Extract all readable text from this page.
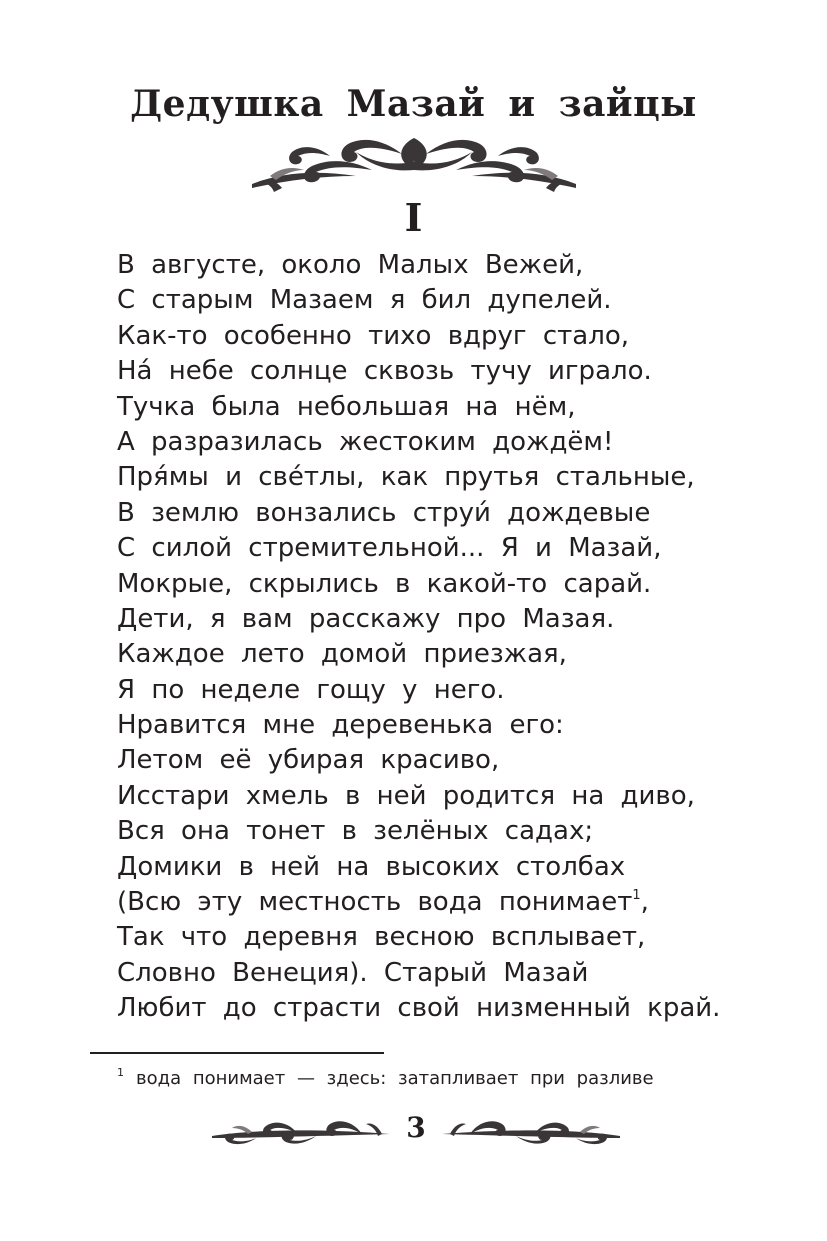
Дедушка Мазай и зайцы
I
В августе, около Малых Вежей,
С старым Мазаем я бил дупелей.
Как-то особенно тихо вдруг стало,
На́ небе солнце сквозь тучу играло.
Тучка была небольшая на нём,
А разразилась жестоким дождём!
Пря́мы и све́тлы, как прутья стальные,
В землю вонзались струи́ дождевые
С силой стремительной... Я и Мазай,
Мокрые, скрылись в какой-то сарай.
Дети, я вам расскажу про Мазая.
Каждое лето домой приезжая,
Я по неделе гощу у него.
Нравится мне деревенька его:
Летом её убирая красиво,
Исстари хмель в ней родится на диво,
Вся она тонет в зелёных садах;
Домики в ней на высоких столбах
(Всю эту местность вода понимает$^1$,
Так что деревня весною всплывает,
Словно Венеция). Старый Мазай
Любит до страсти свой низменный край.

$^1$ вода понимает — здесь: затапливает при разливе

3
